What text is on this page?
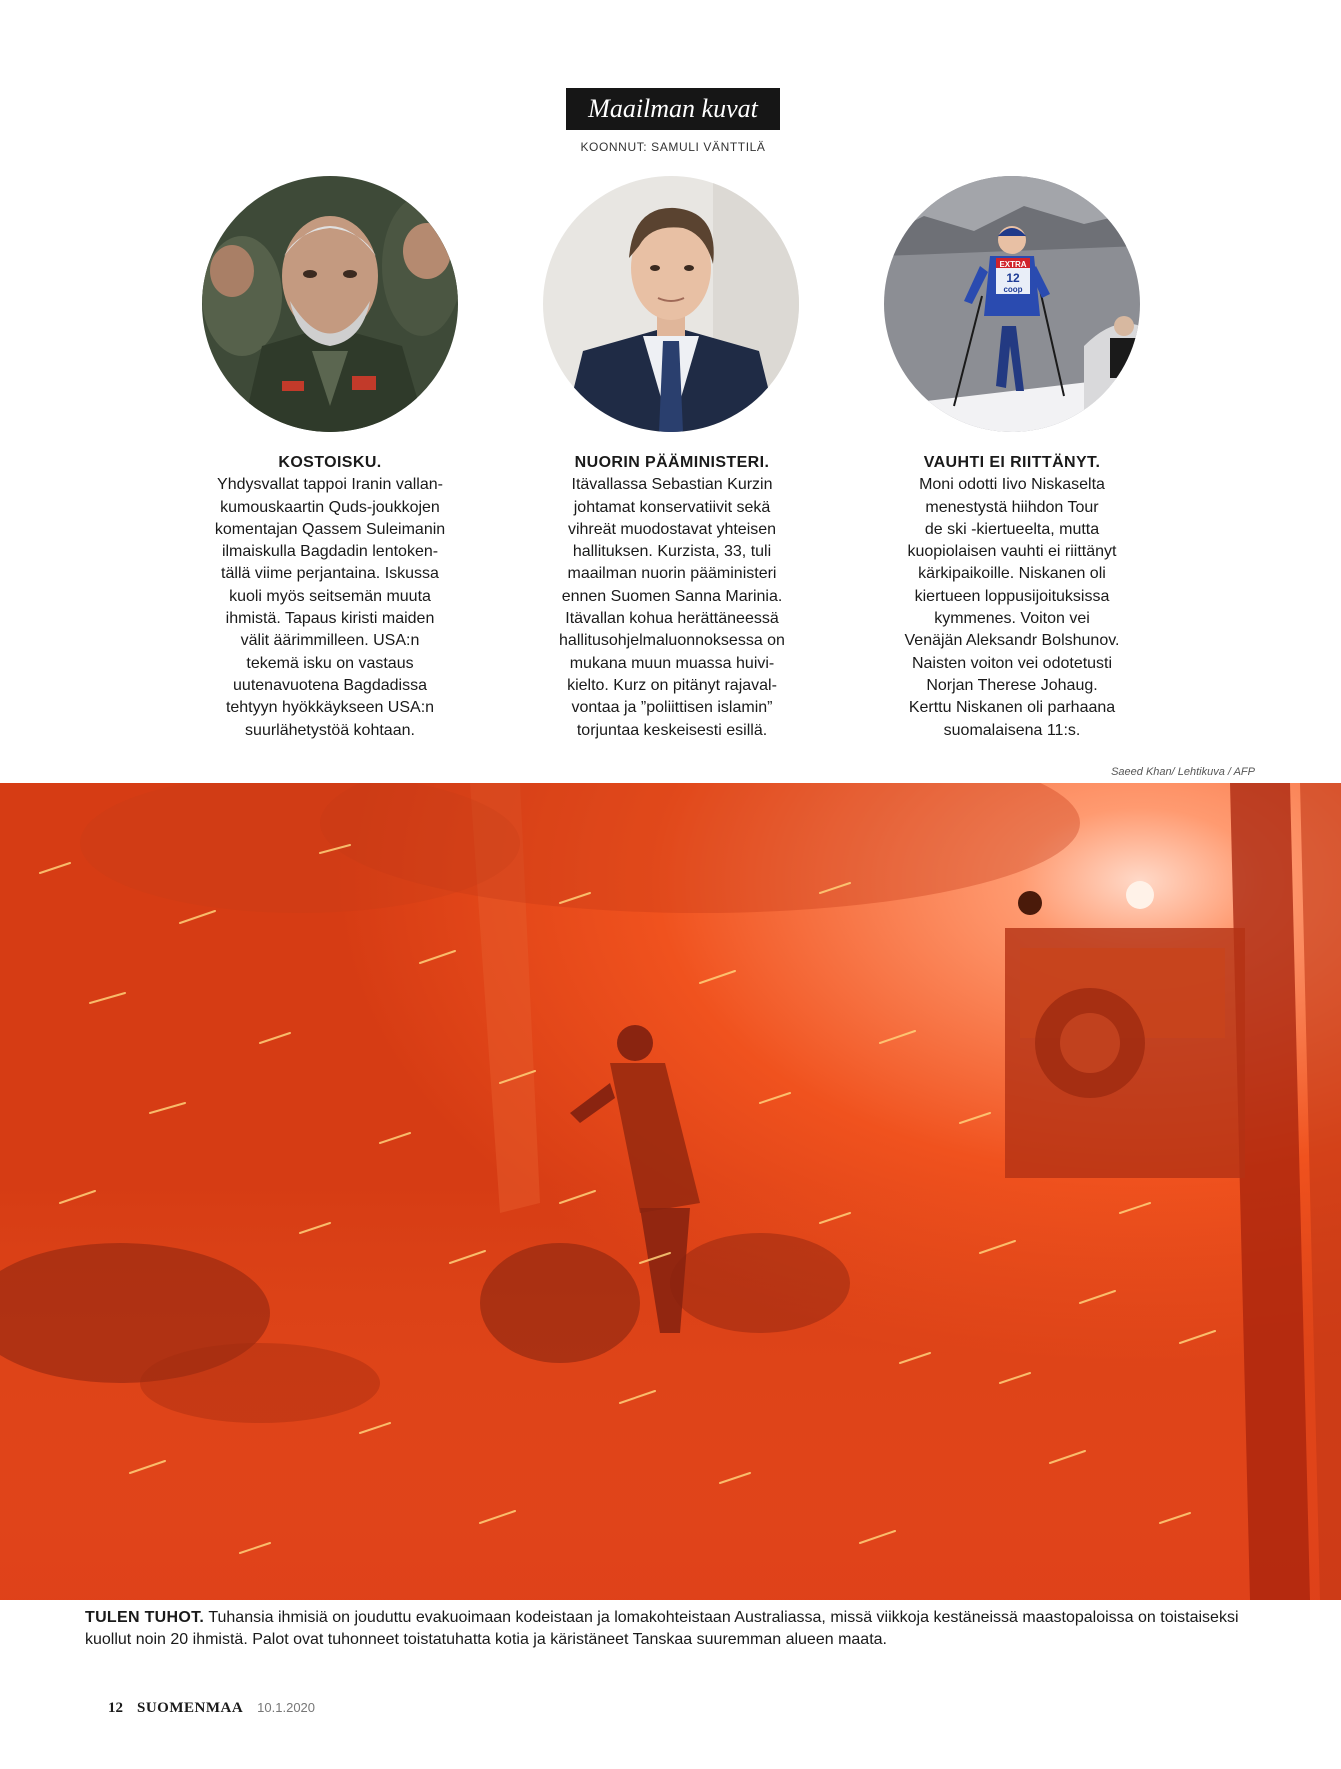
Maailman kuvat
KOONNUT: SAMULI VÄNTTILÄ
EXTRA
12
coop
KOSTOISKU.
Yhdysvallat tappoi Iranin vallan-
kumouskaartin Quds-joukkojen
komentajan Qassem Suleimanin
ilmaiskulla Bagdadin lentoken-
tällä viime perjantaina. Iskussa
kuoli myös seitsemän muuta
ihmistä. Tapaus kiristi maiden
välit äärimmilleen. USA:n
tekemä isku on vastaus
uutenavuotena Bagdadissa
tehtyyn hyökkäykseen USA:n
suurlähetystöä kohtaan.
NUORIN PÄÄMINISTERI.
Itävallassa Sebastian Kurzin
johtamat konservatiivit sekä
vihreät muodostavat yhteisen
hallituksen. Kurzista, 33, tuli
maailman nuorin pääministeri
ennen Suomen Sanna Marinia.
Itävallan kohua herättäneessä
hallitusohjelmaluonnoksessa on
mukana muun muassa huivi-
kielto. Kurz on pitänyt rajaval-
vontaa ja ”poliittisen islamin”
torjuntaa keskeisesti esillä.
VAUHTI EI RIITTÄNYT.
Moni odotti Iivo Niskaselta
menestystä hiihdon Tour
de ski -kiertueelta, mutta
kuopiolaisen vauhti ei riittänyt
kärkipaikoille. Niskanen oli
kiertueen loppusijoituksissa
kymmenes. Voiton vei
Venäjän Aleksandr Bolshunov.
Naisten voiton vei odotetusti
Norjan Therese Johaug.
Kerttu Niskanen oli parhaana
suomalaisena 11:s.
Saeed Khan/ Lehtikuva / AFP
TULEN TUHOT. Tuhansia ihmisiä on jouduttu evakuoimaan kodeistaan ja lomakohteistaan Australiassa, missä viikkoja kestäneissä maastopaloissa on toistaiseksi kuollut noin 20 ihmistä. Palot ovat tuhonneet toistatuhatta kotia ja käristäneet Tanskaa suuremman alueen maata.
12 SUOMENMAA 10.1.2020
